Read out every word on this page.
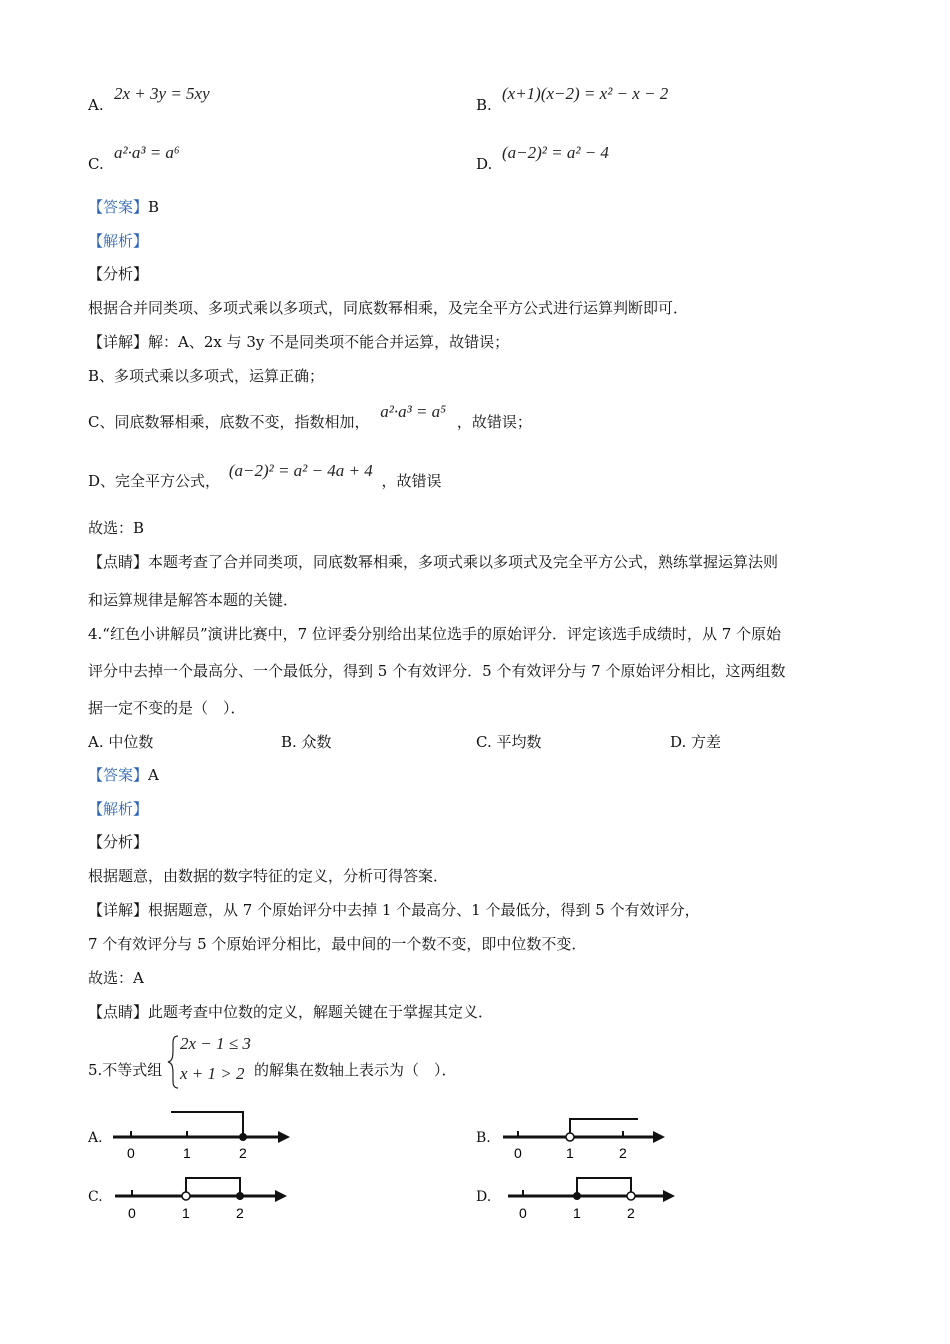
A.
2x + 3y = 5xy
B.
(x+1)(x−2) = x² − x − 2
C.
a²·a³ = a⁶
D.
(a−2)² = a² − 4
【答案】B
【解析】
【分析】
根据合并同类项、多项式乘以多项式，同底数幂相乘，及完全平方公式进行运算判断即可．
【详解】解：A、2x 与 3y 不是同类项不能合并运算，故错误；
B、多项式乘以多项式，运算正确；
C、同底数幂相乘，底数不变，指数相加， a²·a³ = a⁵ ，故错误；
D、完全平方公式， (a−2)² = a² − 4a + 4 ，故错误
故选：B
【点睛】本题考查了合并同类项，同底数幂相乘，多项式乘以多项式及完全平方公式，熟练掌握运算法则
和运算规律是解答本题的关键．
4.“红色小讲解员”演讲比赛中，7 位评委分别给出某位选手的原始评分．评定该选手成绩时，从 7 个原始
评分中去掉一个最高分、一个最低分，得到 5 个有效评分．5 个有效评分与 7 个原始评分相比，这两组数
据一定不变的是（　）．
A. 中位数	B. 众数	C. 平均数	D. 方差
【答案】A
【解析】
【分析】
根据题意，由数据的数字特征的定义，分析可得答案．
【详解】根据题意，从 7 个原始评分中去掉 1 个最高分、1 个最低分，得到 5 个有效评分，
7 个有效评分与 5 个原始评分相比，最中间的一个数不变，即中位数不变．
故选：A
【点睛】此题考查中位数的定义，解题关键在于掌握其定义．
5.不等式组
2x − 1 ≤ 3
x + 1 > 2 的解集在数轴上表示为（　）．
A.	B.
C.	D.
0	1	2	0	1	2
0	1	2	0	1	2
